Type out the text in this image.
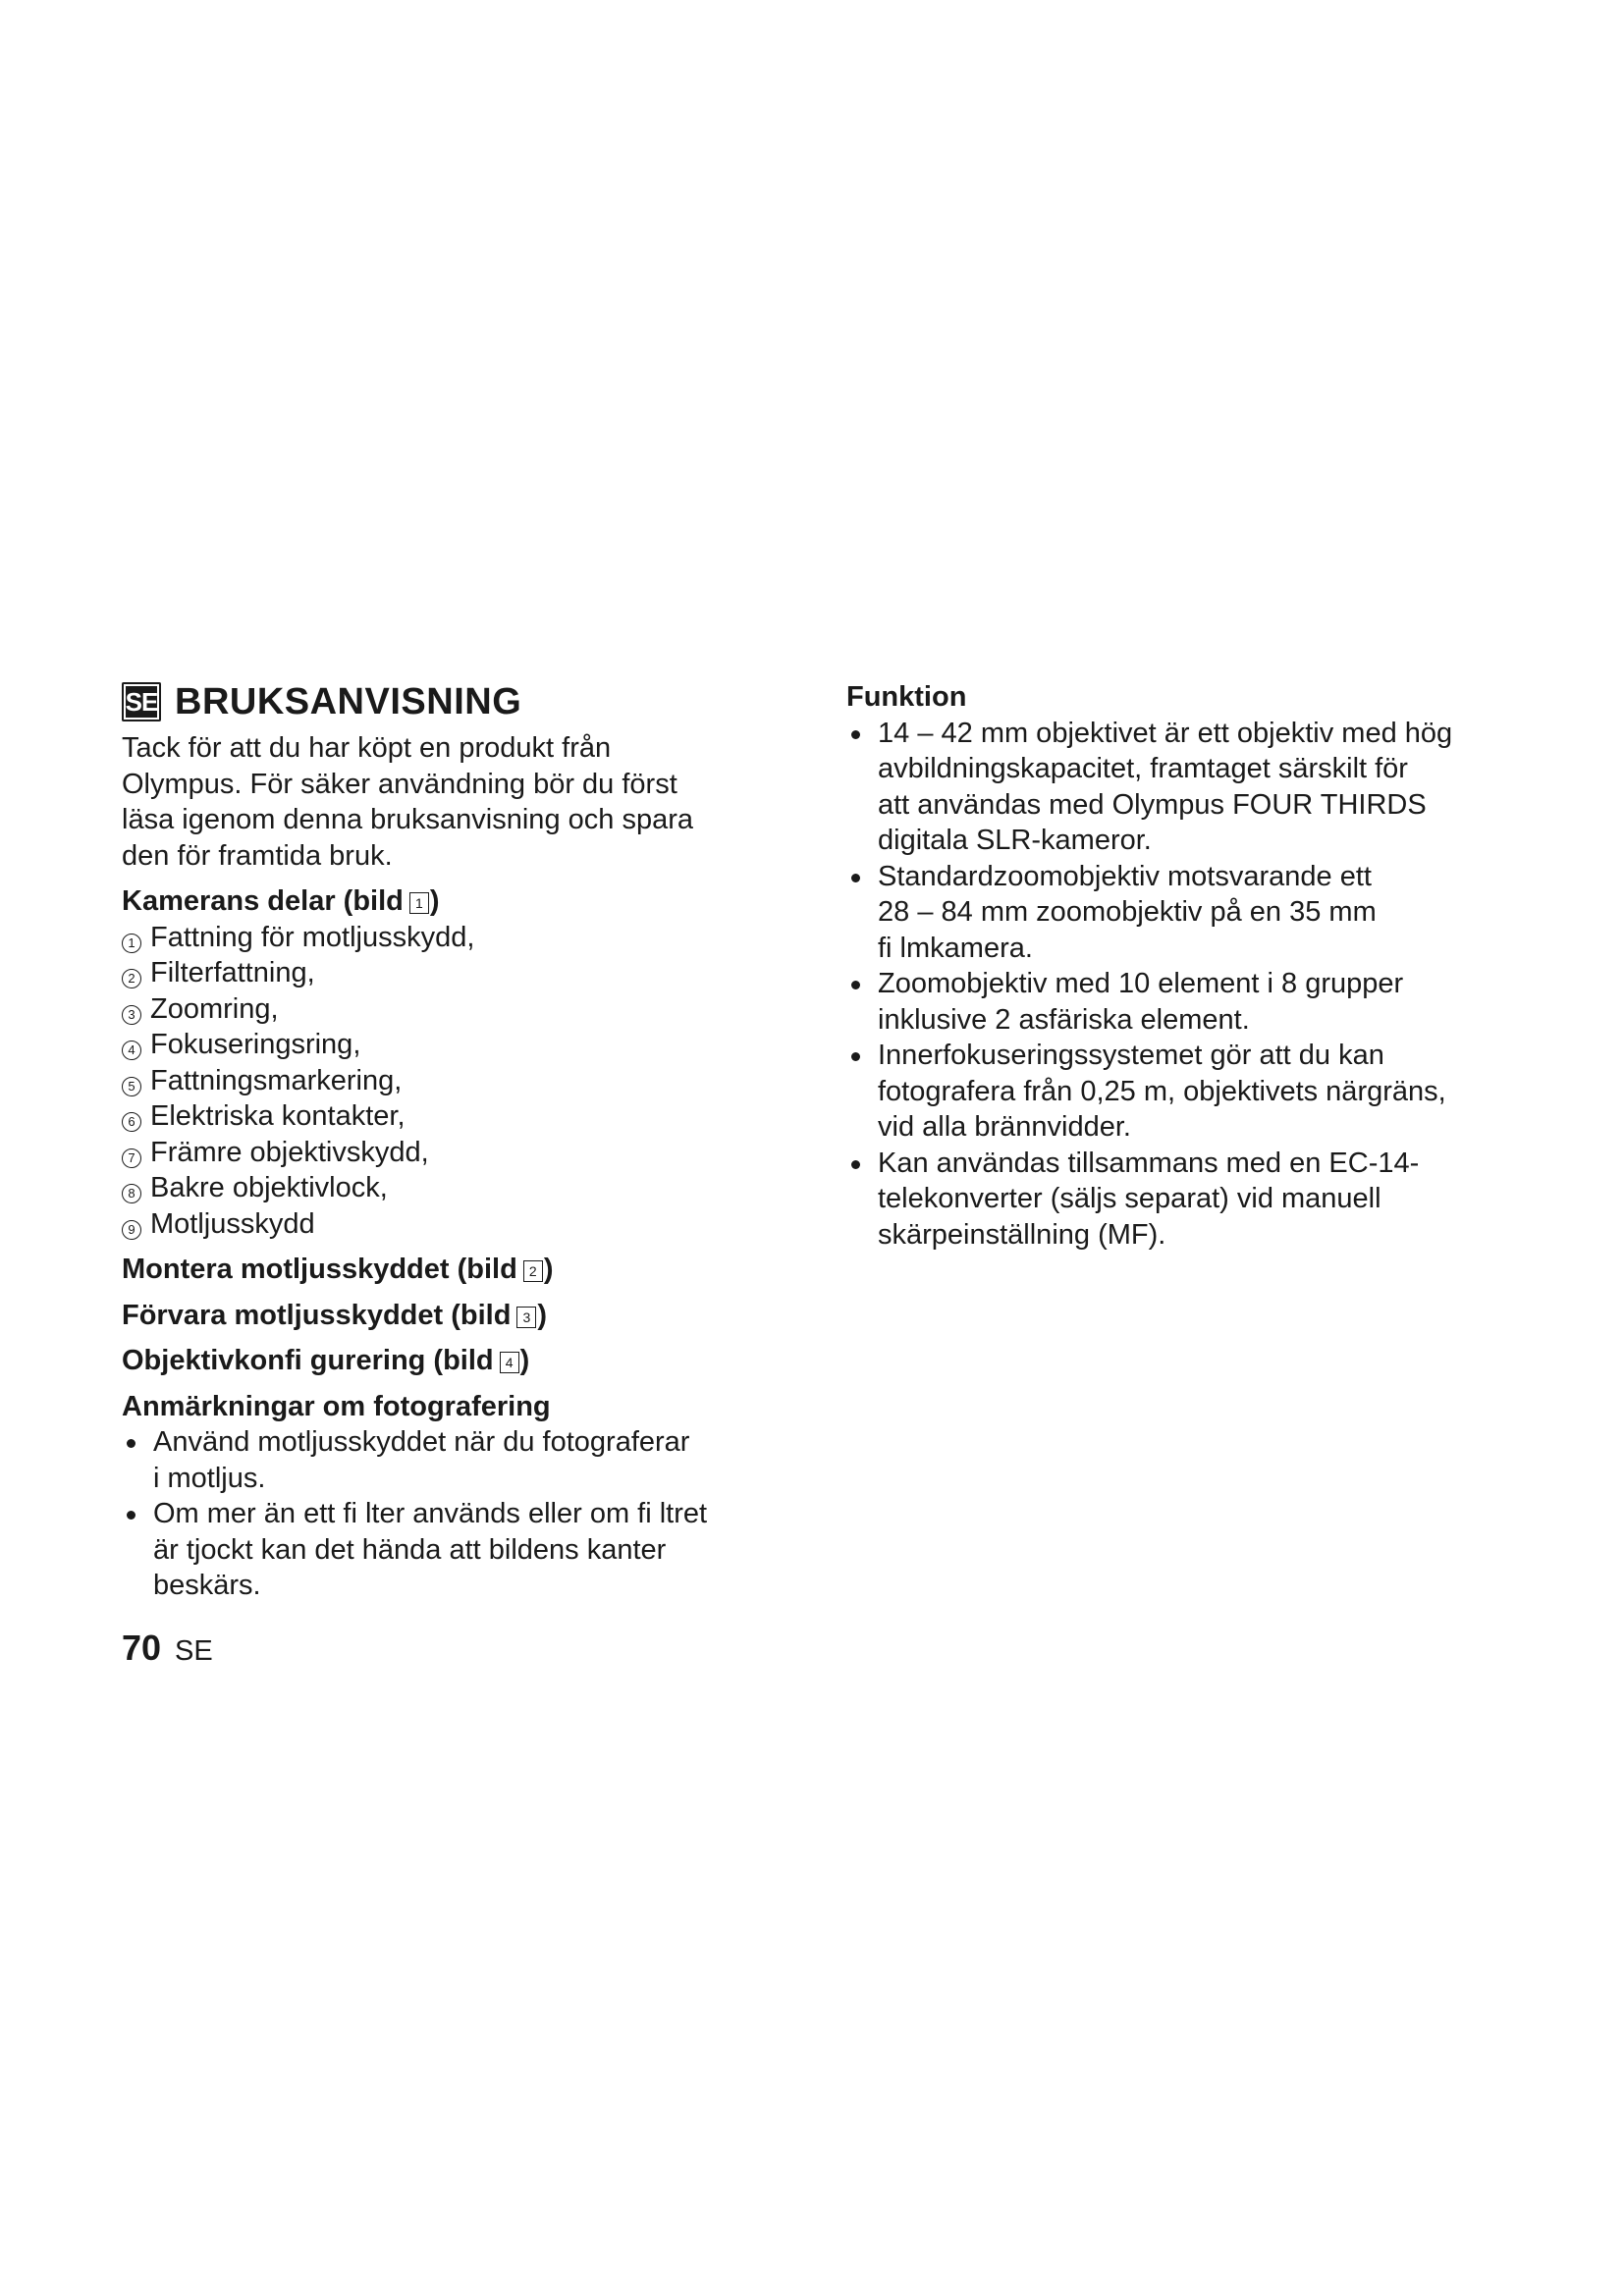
SE BRUKSANVISNING
Tack för att du har köpt en produkt från
Olympus. För säker användning bör du först
läsa igenom denna bruksanvisning och spara
den för framtida bruk.
Kamerans delar (bild 1 )
1 Fattning för motljusskydd,
2 Filterfattning,
3 Zoomring,
4 Fokuseringsring,
5 Fattningsmarkering,
6 Elektriska kontakter,
7 Främre objektivskydd,
8 Bakre objektivlock,
9 Motljusskydd
Montera motljusskyddet (bild 2 )
Förvara motljusskyddet (bild 3 )
Objektivkonfi gurering (bild 4 )
Anmärkningar om fotografering
Använd motljusskyddet när du fotograferar
i motljus.
Om mer än ett fi lter används eller om fi ltret
är tjockt kan det hända att bildens kanter
beskärs.
Funktion
14 – 42 mm objektivet är ett objektiv med hög
avbildningskapacitet, framtaget särskilt för
att användas med Olympus FOUR THIRDS
digitala SLR-kameror.
Standardzoomobjektiv motsvarande ett
28 – 84 mm zoomobjektiv på en 35 mm
fi lmkamera.
Zoomobjektiv med 10 element i 8 grupper
inklusive 2 asfäriska element.
Innerfokuseringssystemet gör att du kan
fotografera från 0,25 m, objektivets närgräns,
vid alla brännvidder.
Kan användas tillsammans med en EC-14-
telekonverter (säljs separat) vid manuell
skärpeinställning (MF).
70 SE
